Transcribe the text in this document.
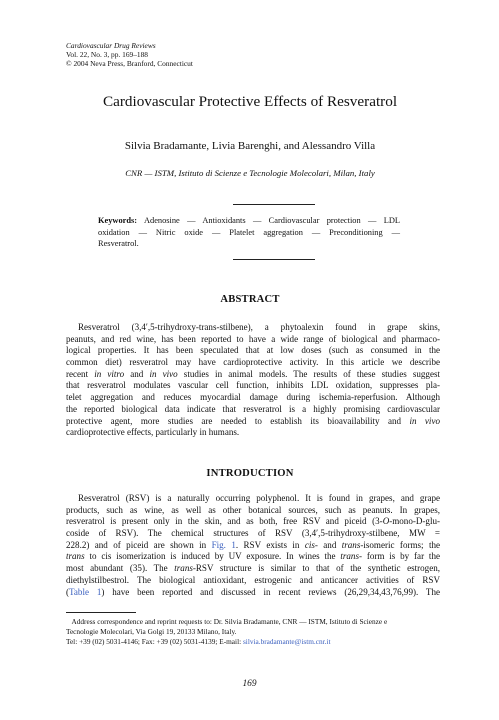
Cardiovascular Drug Reviews
Vol. 22, No. 3, pp. 169–188
© 2004 Neva Press, Branford, Connecticut
Cardiovascular Protective Effects of Resveratrol
Silvia Bradamante, Livia Barenghi, and Alessandro Villa
CNR — ISTM, Istituto di Scienze e Tecnologie Molecolari, Milan, Italy
Keywords: Adenosine — Antioxidants — Cardiovascular protection — LDL
oxidation — Nitric oxide — Platelet aggregation — Preconditioning —
Resveratrol.
ABSTRACT
Resveratrol (3,4′,5-trihydroxy-trans-stilbene), a phytoalexin found in grape skins,
peanuts, and red wine, has been reported to have a wide range of biological and pharmaco-
logical properties. It has been speculated that at low doses (such as consumed in the
common diet) resveratrol may have cardioprotective activity. In this article we describe
recent in vitro and in vivo studies in animal models. The results of these studies suggest
that resveratrol modulates vascular cell function, inhibits LDL oxidation, suppresses pla-
telet aggregation and reduces myocardial damage during ischemia-reperfusion. Although
the reported biological data indicate that resveratrol is a highly promising cardiovascular
protective agent, more studies are needed to establish its bioavailability and in vivo
cardioprotective effects, particularly in humans.
INTRODUCTION
Resveratrol (RSV) is a naturally occurring polyphenol. It is found in grapes, and grape
products, such as wine, as well as other botanical sources, such as peanuts. In grapes,
resveratrol is present only in the skin, and as both, free RSV and piceid (3-O-mono-D-glu-
coside of RSV). The chemical structures of RSV (3,4′,5-trihydroxy-stilbene, MW =
228.2) and of piceid are shown in Fig. 1. RSV exists in cis- and trans-isomeric forms; the
trans to cis isomerization is induced by UV exposure. In wines the trans- form is by far the
most abundant (35). The trans-RSV structure is similar to that of the synthetic estrogen,
diethylstilbestrol. The biological antioxidant, estrogenic and anticancer activities of RSV
(Table 1) have been reported and discussed in recent reviews (26,29,34,43,76,99). The
Address correspondence and reprint requests to: Dr. Silvia Bradamante, CNR — ISTM, Istituto di Scienze e
Tecnologie Molecolari, Via Golgi 19, 20133 Milano, Italy.
Tel: +39 (02) 5031-4146; Fax: +39 (02) 5031-4139; E-mail: silvia.bradamante@istm.cnr.it
169
